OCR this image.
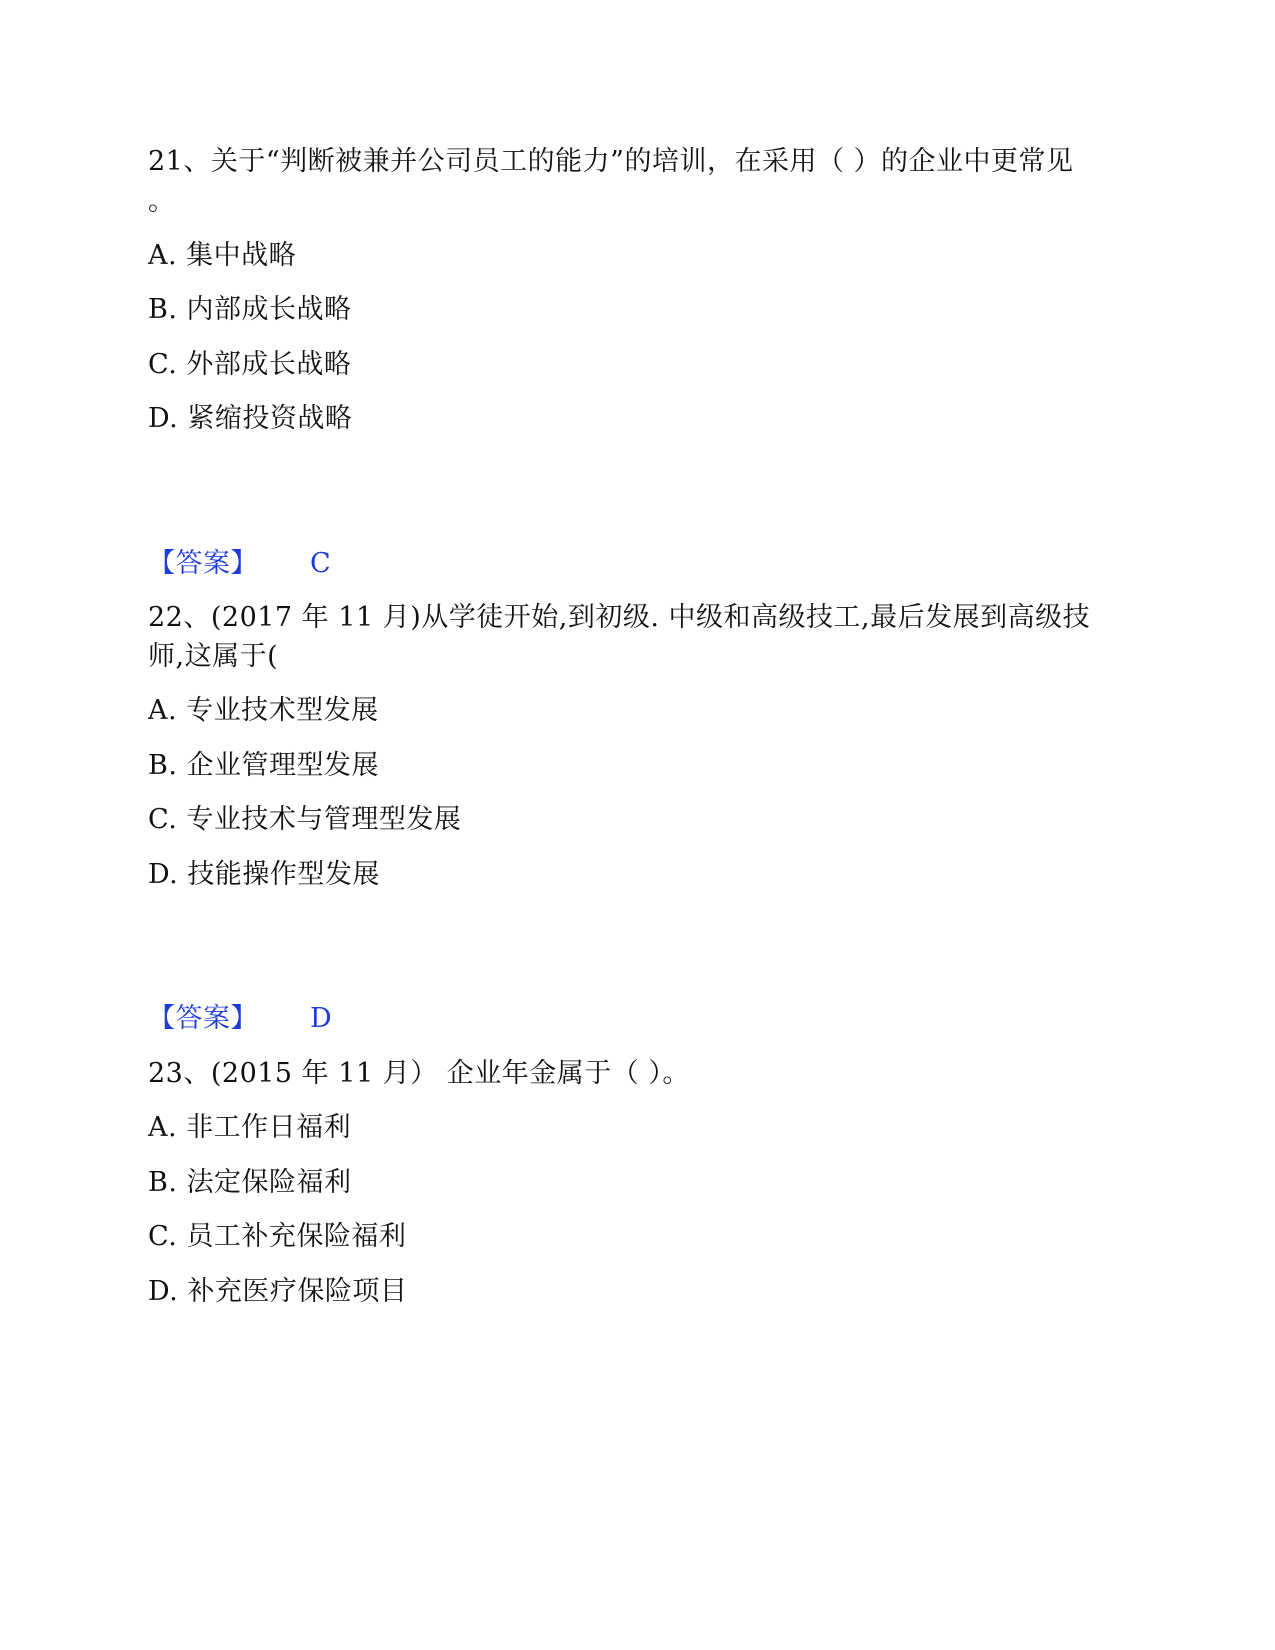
21、关于“判断被兼并公司员工的能力”的培训，在采用（ ）的企业中更常见
。
A. 集中战略
B. 内部成长战略
C. 外部成长战略
D. 紧缩投资战略
【答案】 C
22、(2017 年 11 月)从学徒开始,到初级. 中级和高级技工,最后发展到高级技
师,这属于(
A. 专业技术型发展
B. 企业管理型发展
C. 专业技术与管理型发展
D. 技能操作型发展
【答案】 D
23、(2015 年 11 月） 企业年金属于（ ）。
A. 非工作日福利
B. 法定保险福利
C. 员工补充保险福利
D. 补充医疗保险项目
